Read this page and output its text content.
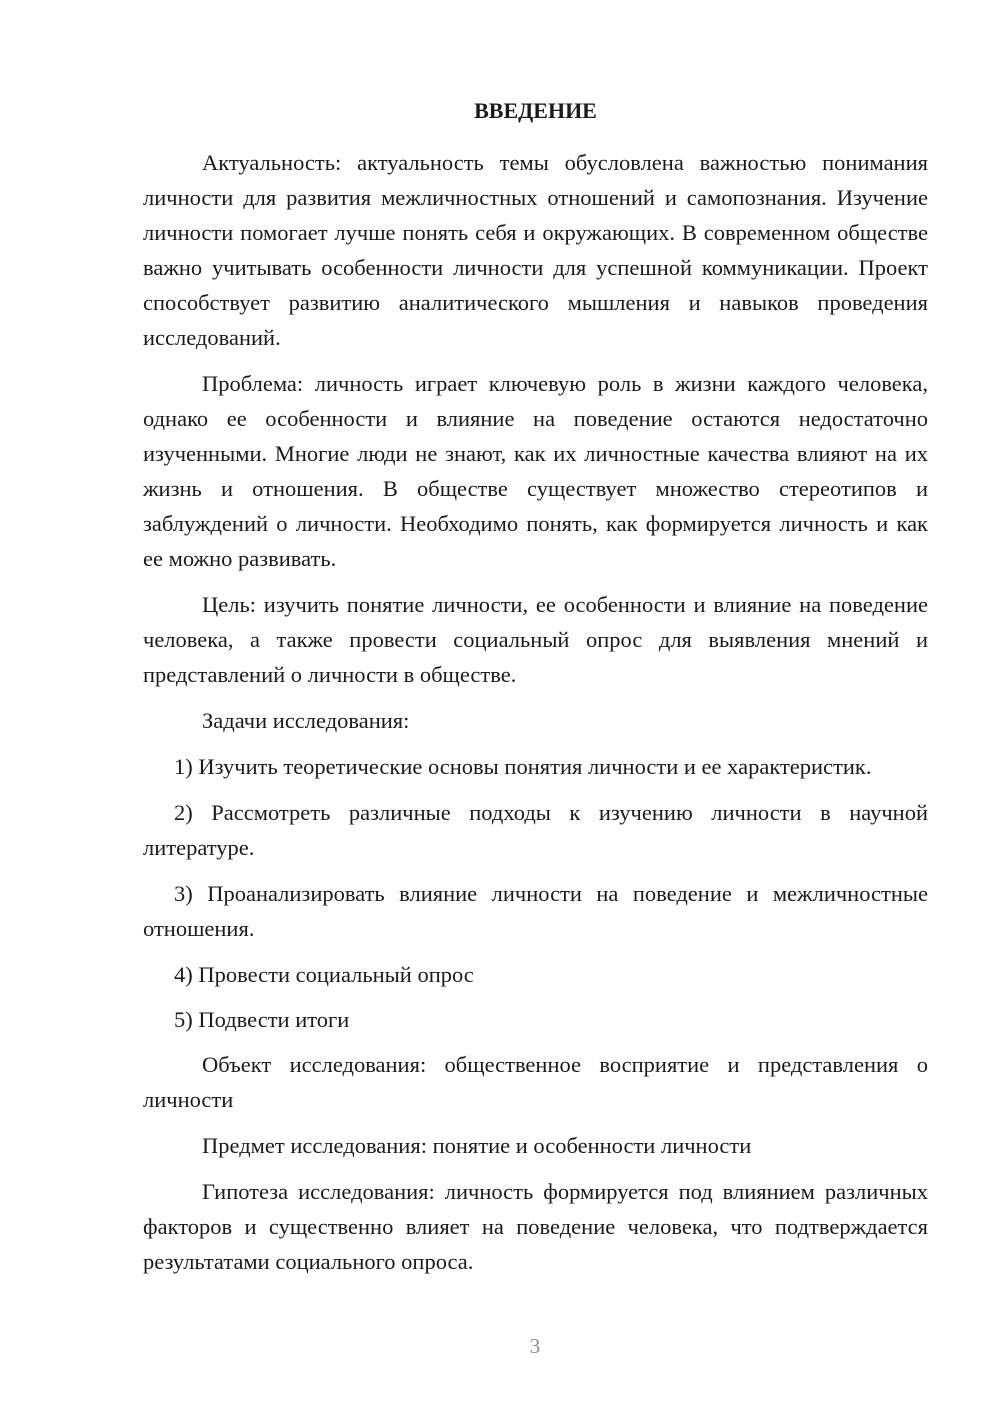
ВВЕДЕНИЕ

Актуальность: актуальность темы обусловлена важностью понимания личности для развития межличностных отношений и самопознания. Изучение личности помогает лучше понять себя и окружающих. В современном обществе важно учитывать особенности личности для успешной коммуникации. Проект способствует развитию аналитического мышления и навыков проведения исследований.

Проблема: личность играет ключевую роль в жизни каждого человека, однако ее особенности и влияние на поведение остаются недостаточно изученными. Многие люди не знают, как их личностные качества влияют на их жизнь и отношения. В обществе существует множество стереотипов и заблуждений о личности. Необходимо понять, как формируется личность и как ее можно развивать.

Цель: изучить понятие личности, ее особенности и влияние на поведение человека, а также провести социальный опрос для выявления мнений и представлений о личности в обществе.

Задачи исследования:

1) Изучить теоретические основы понятия личности и ее характеристик.

2) Рассмотреть различные подходы к изучению личности в научной литературе.

3) Проанализировать влияние личности на поведение и межличностные отношения.

4) Провести социальный опрос

5) Подвести итоги

Объект исследования: общественное восприятие и представления о личности

Предмет исследования: понятие и особенности личности

Гипотеза исследования: личность формируется под влиянием различных факторов и существенно влияет на поведение человека, что подтверждается результатами социального опроса.

3
